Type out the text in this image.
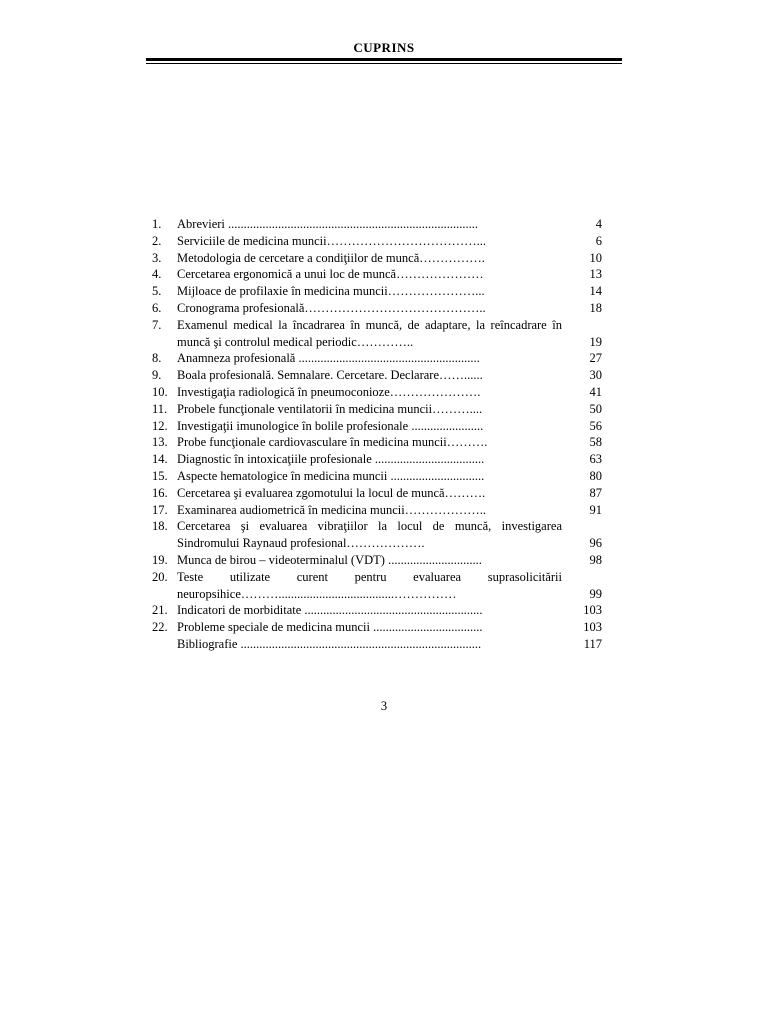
CUPRINS
1.	Abrevieri ................................................................................	4
2.	Serviciile de medicina muncii………………………………...	6
3.	Metodologia de cercetare a condiţiilor de muncă…………….	10
4.	Cercetarea ergonomică a unui loc de muncă…………………	13
5.	Mijloace de profilaxie în medicina muncii…………………...	14
6.	Cronograma profesională……………………………………..	18
7.	Examenul medical la încadrarea în muncă, de adaptare, la reîncadrare în muncă şi controlul medical periodic…………..	19
8.	Anamneza profesională ..........................................................	27
9.	Boala profesională. Semnalare. Cercetare. Declarare……......	30
10. Investigaţia radiologică în pneumoconioze………………….	41
11. Probele funcţionale ventilatorii în medicina muncii………....	50
12. Investigaţii imunologice în bolile profesionale .......................	56
13. Probe funcţionale cardiovasculare în medicina muncii……….	58
14. Diagnostic în intoxicaţiile profesionale ...................................	63
15. Aspecte hematologice în medicina muncii ..............................	80
16. Cercetarea şi evaluarea zgomotului la locul de muncă……….	87
17. Examinarea audiometrică în medicina muncii………………..	91
18. Cercetarea şi evaluarea vibraţiilor la locul de muncă, investigarea Sindromului Raynaud profesional……………….	96
19. Munca de birou – videoterminalul (VDT) ..............................	98
20. Teste utilizate curent pentru evaluarea suprasolicitării neuropsihice……….....................................……………	99
21. Indicatori de morbiditate .........................................................	103
22. Probleme speciale de medicina muncii ...................................	103
Bibliografie .............................................................................	117
3
